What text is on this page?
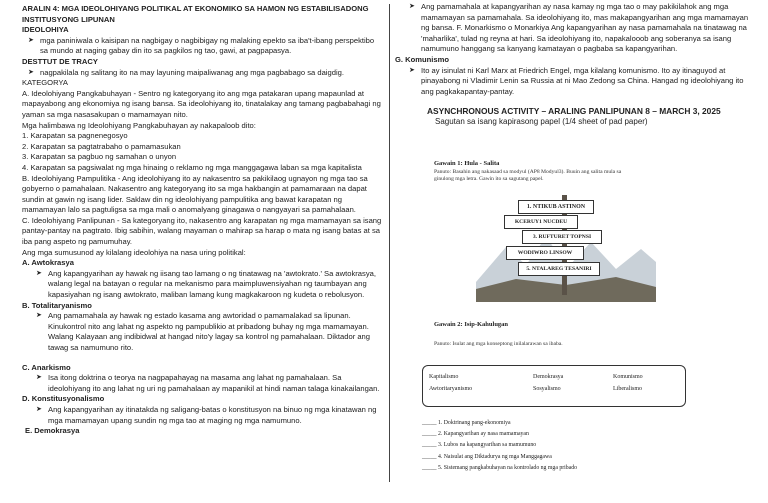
ARALIN 4: MGA IDEOLOHIYANG POLITIKAL AT EKONOMIKO SA HAMON NG ESTABILISADONG INSTITUSYONG LIPUNAN
IDEOLOHIYA
➤ mga paniniwala o kaisipan na nagbigay o nagbibigay ng malaking epekto sa iba't-ibang perspektibo sa mundo at naging gabay din ito sa pagkilos ng tao, gawi, at pagpapasya.
DESTTUT DE TRACY
➤ nagpakilala ng salitang ito na may layuning maipaliwanag ang mga pagbabago sa daigdig.
KATEGORYA
A. Ideolohiyang Pangkabuhayan - Sentro ng kategoryang ito ang mga patakaran upang mapaunlad at mapayabong ang ekonomiya ng isang bansa. Sa ideolohiyang ito, tinatalakay ang tamang pagbabahagi ng yaman sa mga nasasakupan o mamamayan nito.
Mga halimbawa ng Ideolohiyang Pangkabuhayan ay nakapaloob dito:
1. Karapatan sa pagnenegosyo
2. Karapatan sa pagtatrabaho o pamamasukan
3. Karapatan sa pagbuo ng samahan o unyon
4. Karapatan sa pagsiwalat ng mga hinaing o reklamo ng mga manggagawa laban sa mga kapitalista
B. Ideolohiyang Pampulitika - Ang ideolohiyang ito ay nakasentro sa pakikilaog ugnayon ng mga tao sa gobyerno o pamahalaan. Nakasentro ang kategoryang ito sa mga hakbangin at pamamaraan na dapat sundin at gawin ng isang lider. Saklaw din ng ideolohiyang pampulitika ang bawat karapatan ng mamamayan lalo sa pagtuligsa sa mga mali o anomalyang ginagawa o nangyayari sa pamahalaan.
C. Ideolohiyang Panlipunan - Sa kategoryang ito, nakasentro ang karapatan ng mga mamamayan sa isang pantay-pantay na pagtrato. Ibig sabihin, walang mayaman o mahirap sa harap o mata ng isang batas at sa iba pang aspeto ng pamumuhay.
Ang mga sumusunod ay kilalang ideolohiya na nasa uring politikal:
A. Awtokrasya
➤ Ang kapangyarihan ay hawak ng iisang tao lamang o ng tinatawag na 'awtokrato.' Sa awtokrasya, walang legal na batayan o regular na mekanismo para maimpluwensiyahan ng taumbayan ang kapasiyahan ng isang awtokrato, maliban lamang kung magkakaroon ng kudeta o rebolusyon.
B. Totalitaryanismo
➤ Ang pamamahala ay hawak ng estado kasama ang awtoridad o pamamalakad sa lipunan. Kinukontrol nito ang lahat ng aspekto ng pampublikio at pribadong buhay ng mga mamamayan. Walang Kalayaan ang indibidwal at hangad nito'y lagay sa kontrol ng pamahalaan. Diktador ang tawag sa namumuno rito.
C. Anarkismo
➤ Isa itong doktrina o teorya na nagpapahayag na masama ang lahat ng pamahalaan. Sa ideolohiyang ito ang lahat ng uri ng pamahalaan ay mapanikil at hindi naman talaga kinakailangan.
D. Konstitusyonalismo
➤ Ang kapangyarihan ay itinatakda ng saligang-batas o konstitusyon na binuo ng mga kinatawan ng mga mamamayan upang sundin ng mga tao at maging ng mga namumuno.
E. Demokrasya
➤ Ang pamamahala at kapangyarihan ay nasa kamay ng mga tao o may pakikilahok ang mga mamamayan sa pamamahala. Sa ideolohiyang ito, mas makapangyarihan ang mga mamamayan ng bansa. F. Monarkismo o Monarkiya Ang kapangyarihan ay nasa pamamahala na tinatawag na 'maharlika', tulad ng reyna at hari. Sa ideolohiyang ito, napakalooob ang soberanya sa isang namumuno hanggang sa kanyang kamatayan o pagbaba sa kapangyarihan.
G. Komunismo
➤ Ito ay isinulat ni Karl Marx at Friedrich Engel, mga kilalang komunismo. Ito ay itinaguyod at pinayabong ni Vladimir Lenin sa Russia at ni Mao Zedong sa China. Hangad ng ideolohiyang ito ang pagkakapantay-pantay.
ASYNCHRONOUS ACTIVITY – ARALING PANLIPUNAN 8 – MARCH 3, 2025
Sagutan sa isang kapirasong papel (1/4 sheet of pad paper)
Gawain 1: Hula - Salita
Panuto: Basahin ang nakasaad sa modyul (AP8 Modyul3). Buuin ang salita mula sa ginulong mga letra. Gawin ito sa sagutang papel.
1. NTIKUB ASTINON
KCERUY1 NUCDEU
3. RUFTURET TOPNSI
WODIWRO LINSOW
5. NTALAREG TESANIRI
Gawain 2: Isip-Kahulugan
Panuto: Isulat ang mga konseptong inilalarawan sa ibaba.
Kapitalismo	Demokrasya	Komunismo
Awtoritaryanismo	Sosyalismo	Liberalismo
_____ 1. Doktrinang pang-ekonomiya
_____ 2. Kapangyarihan ay nasa mamamayan
_____ 3. Lubos na kapangyarihan sa mamumuno
_____ 4. Naisulat ang Diktadurya ng mga Manggagawa
_____ 5. Sistemang pangkabuhayan na kontrolado ng mga pribado
